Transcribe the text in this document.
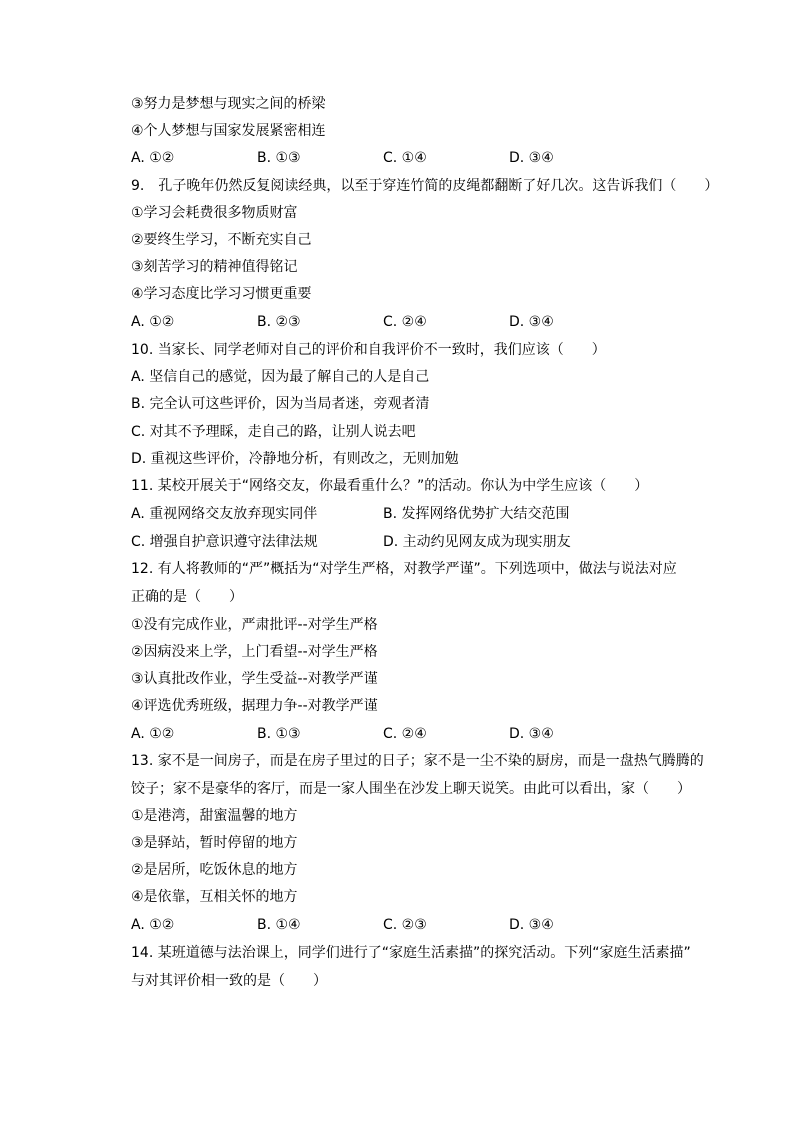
③努力是梦想与现实之间的桥梁
④个人梦想与国家发展紧密相连
A. ①②	B. ①③	C. ①④	D. ③④
9.　孔子晚年仍然反复阅读经典，以至于穿连竹简的皮绳都翻断了好几次。这告诉我们（　　）
①学习会耗费很多物质财富
②要终生学习，不断充实自己
③刻苦学习的精神值得铭记
④学习态度比学习习惯更重要
A. ①②	B. ②③	C. ②④	D. ③④
10. 当家长、同学老师对自己的评价和自我评价不一致时，我们应该（　　）
A. 坚信自己的感觉，因为最了解自己的人是自己
B. 完全认可这些评价，因为当局者迷，旁观者清
C. 对其不予理睬，走自己的路，让别人说去吧
D. 重视这些评价，冷静地分析，有则改之，无则加勉
11. 某校开展关于“网络交友，你最看重什么？”的活动。你认为中学生应该（　　）
A. 重视网络交友放弃现实同伴	B. 发挥网络优势扩大结交范围
C. 增强自护意识遵守法律法规	D. 主动约见网友成为现实朋友
12. 有人将教师的“严”概括为“对学生严格，对教学严谨”。下列选项中，做法与说法对应
正确的是（　　）
①没有完成作业，严肃批评--对学生严格
②因病没来上学，上门看望--对学生严格
③认真批改作业，学生受益--对教学严谨
④评选优秀班级，据理力争--对教学严谨
A. ①②	B. ①③	C. ②④	D. ③④
13. 家不是一间房子，而是在房子里过的日子；家不是一尘不染的厨房，而是一盘热气腾腾的
饺子；家不是豪华的客厅，而是一家人围坐在沙发上聊天说笑。由此可以看出，家（　　）
①是港湾，甜蜜温馨的地方
③是驿站，暂时停留的地方
②是居所，吃饭休息的地方
④是依靠，互相关怀的地方
A. ①②	B. ①④	C. ②③	D. ③④
14. 某班道德与法治课上，同学们进行了“家庭生活素描”的探究活动。下列“家庭生活素描”
与对其评价相一致的是（　　）
